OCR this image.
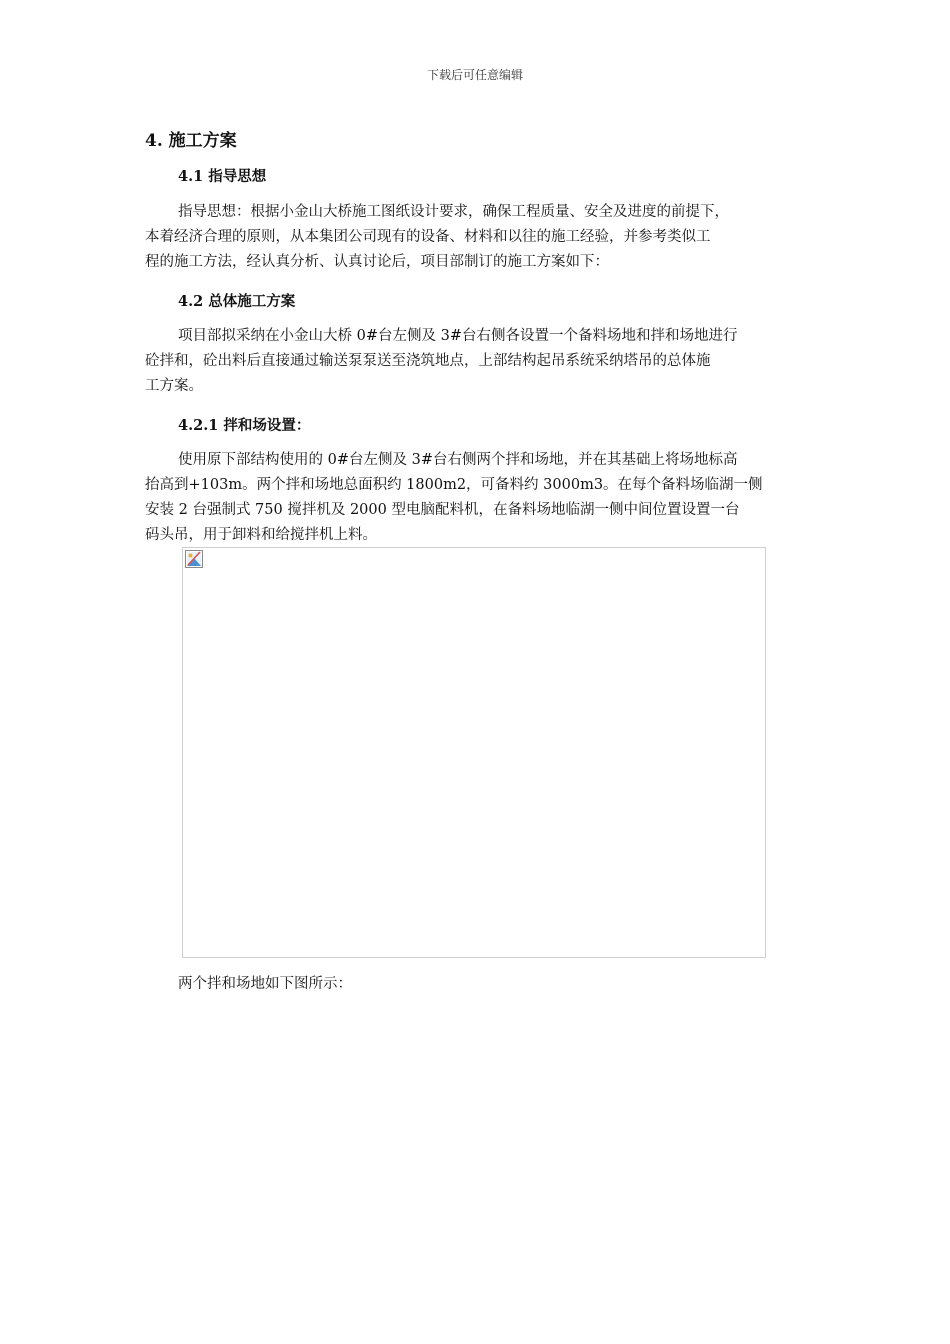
下载后可任意编辑
4. 施工方案
4.1 指导思想
指导思想：根据小金山大桥施工图纸设计要求，确保工程质量、安全及进度的前提下，
本着经济合理的原则，从本集团公司现有的设备、材料和以往的施工经验，并参考类似工
程的施工方法，经认真分析、认真讨论后，项目部制订的施工方案如下：
4.2 总体施工方案
项目部拟采纳在小金山大桥 0#台左侧及 3#台右侧各设置一个备料场地和拌和场地进行
砼拌和，砼出料后直接通过输送泵泵送至浇筑地点，上部结构起吊系统采纳塔吊的总体施
工方案。
4.2.1 拌和场设置：
使用原下部结构使用的 0#台左侧及 3#台右侧两个拌和场地，并在其基础上将场地标高
抬高到+103m。两个拌和场地总面积约 1800m2，可备料约 3000m3。在每个备料场临湖一侧
安装 2 台强制式 750 搅拌机及 2000 型电脑配料机，在备料场地临湖一侧中间位置设置一台
码头吊，用于卸料和给搅拌机上料。
两个拌和场地如下图所示：
